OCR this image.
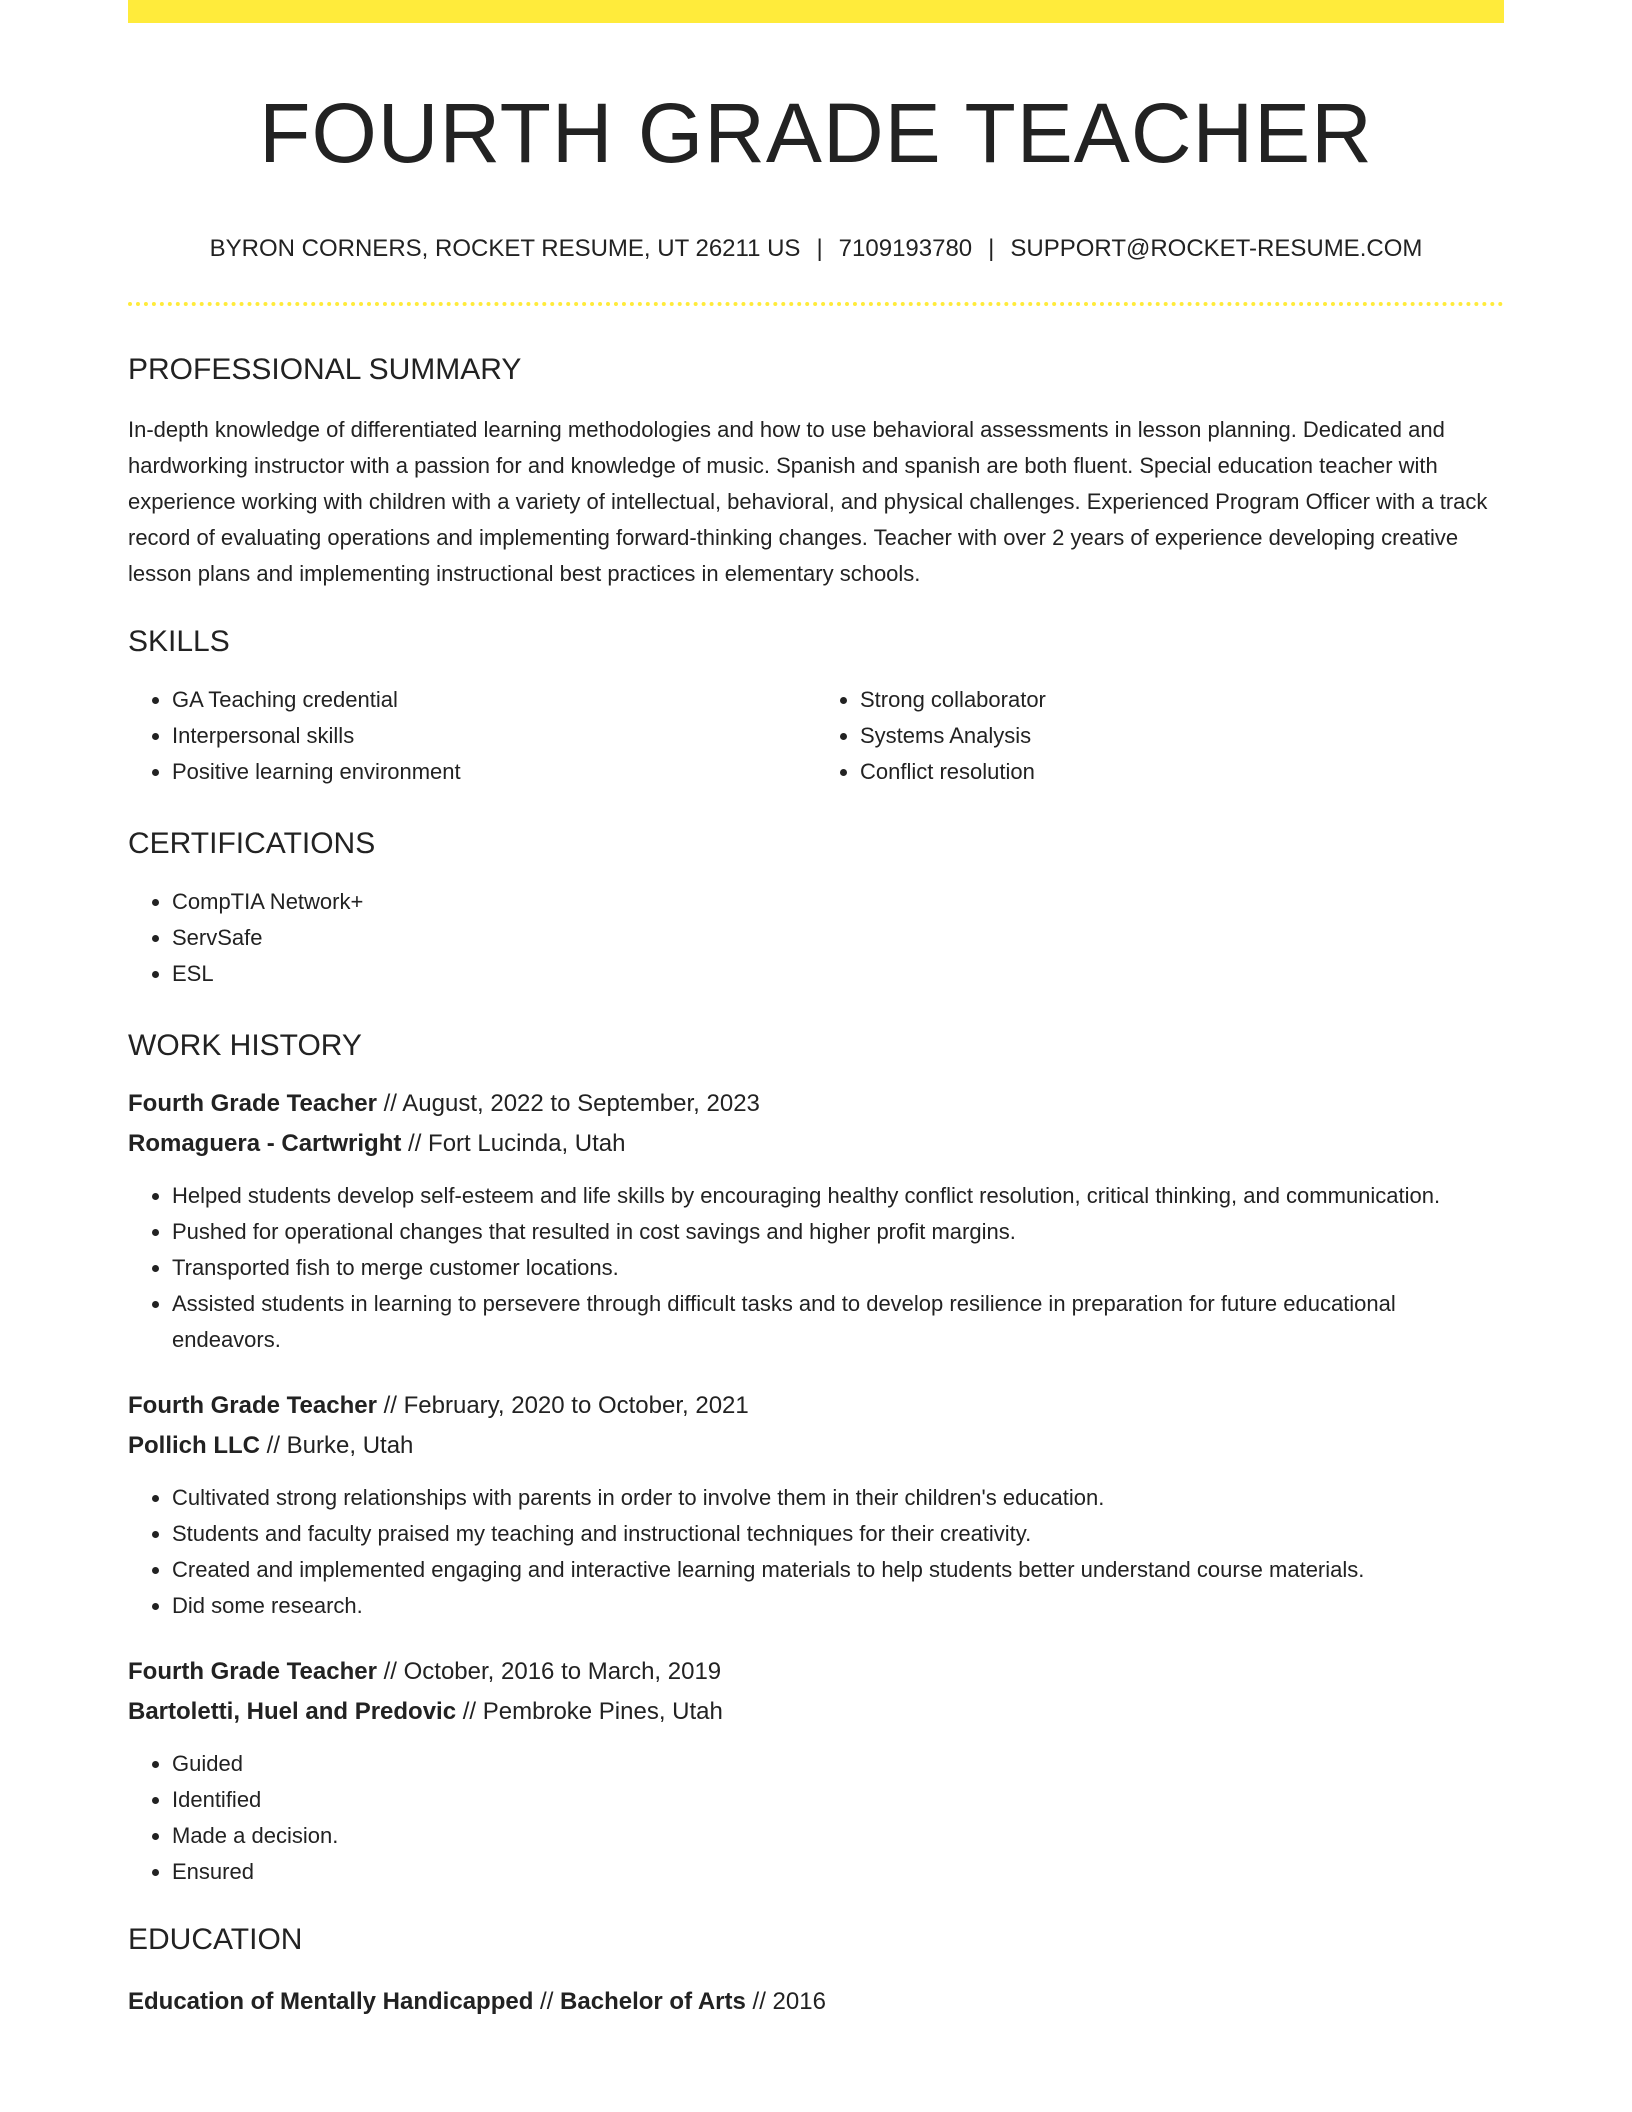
FOURTH GRADE TEACHER
BYRON CORNERS, ROCKET RESUME, UT 26211 US | 7109193780 | SUPPORT@ROCKET-RESUME.COM
PROFESSIONAL SUMMARY

In-depth knowledge of differentiated learning methodologies and how to use behavioral assessments in lesson planning. Dedicated and hardworking instructor with a passion for and knowledge of music. Spanish and spanish are both fluent. Special education teacher with experience working with children with a variety of intellectual, behavioral, and physical challenges. Experienced Program Officer with a track record of evaluating operations and implementing forward-thinking changes. Teacher with over 2 years of experience developing creative lesson plans and implementing instructional best practices in elementary schools.

SKILLS
• GA Teaching credential
• Interpersonal skills
• Positive learning environment
• Strong collaborator
• Systems Analysis
• Conflict resolution
CERTIFICATIONS
• CompTIA Network+
• ServSafe
• ESL
WORK HISTORY
Fourth Grade Teacher // August, 2022 to September, 2023
Romaguera - Cartwright // Fort Lucinda, Utah
• Helped students develop self-esteem and life skills by encouraging healthy conflict resolution, critical thinking, and communication.
• Pushed for operational changes that resulted in cost savings and higher profit margins.
• Transported fish to merge customer locations.
• Assisted students in learning to persevere through difficult tasks and to develop resilience in preparation for future educational endeavors.
Fourth Grade Teacher // February, 2020 to October, 2021
Pollich LLC // Burke, Utah
• Cultivated strong relationships with parents in order to involve them in their children's education.
• Students and faculty praised my teaching and instructional techniques for their creativity.
• Created and implemented engaging and interactive learning materials to help students better understand course materials.
• Did some research.
Fourth Grade Teacher // October, 2016 to March, 2019
Bartoletti, Huel and Predovic // Pembroke Pines, Utah
• Guided
• Identified
• Made a decision.
• Ensured
EDUCATION
Education of Mentally Handicapped // Bachelor of Arts // 2016
